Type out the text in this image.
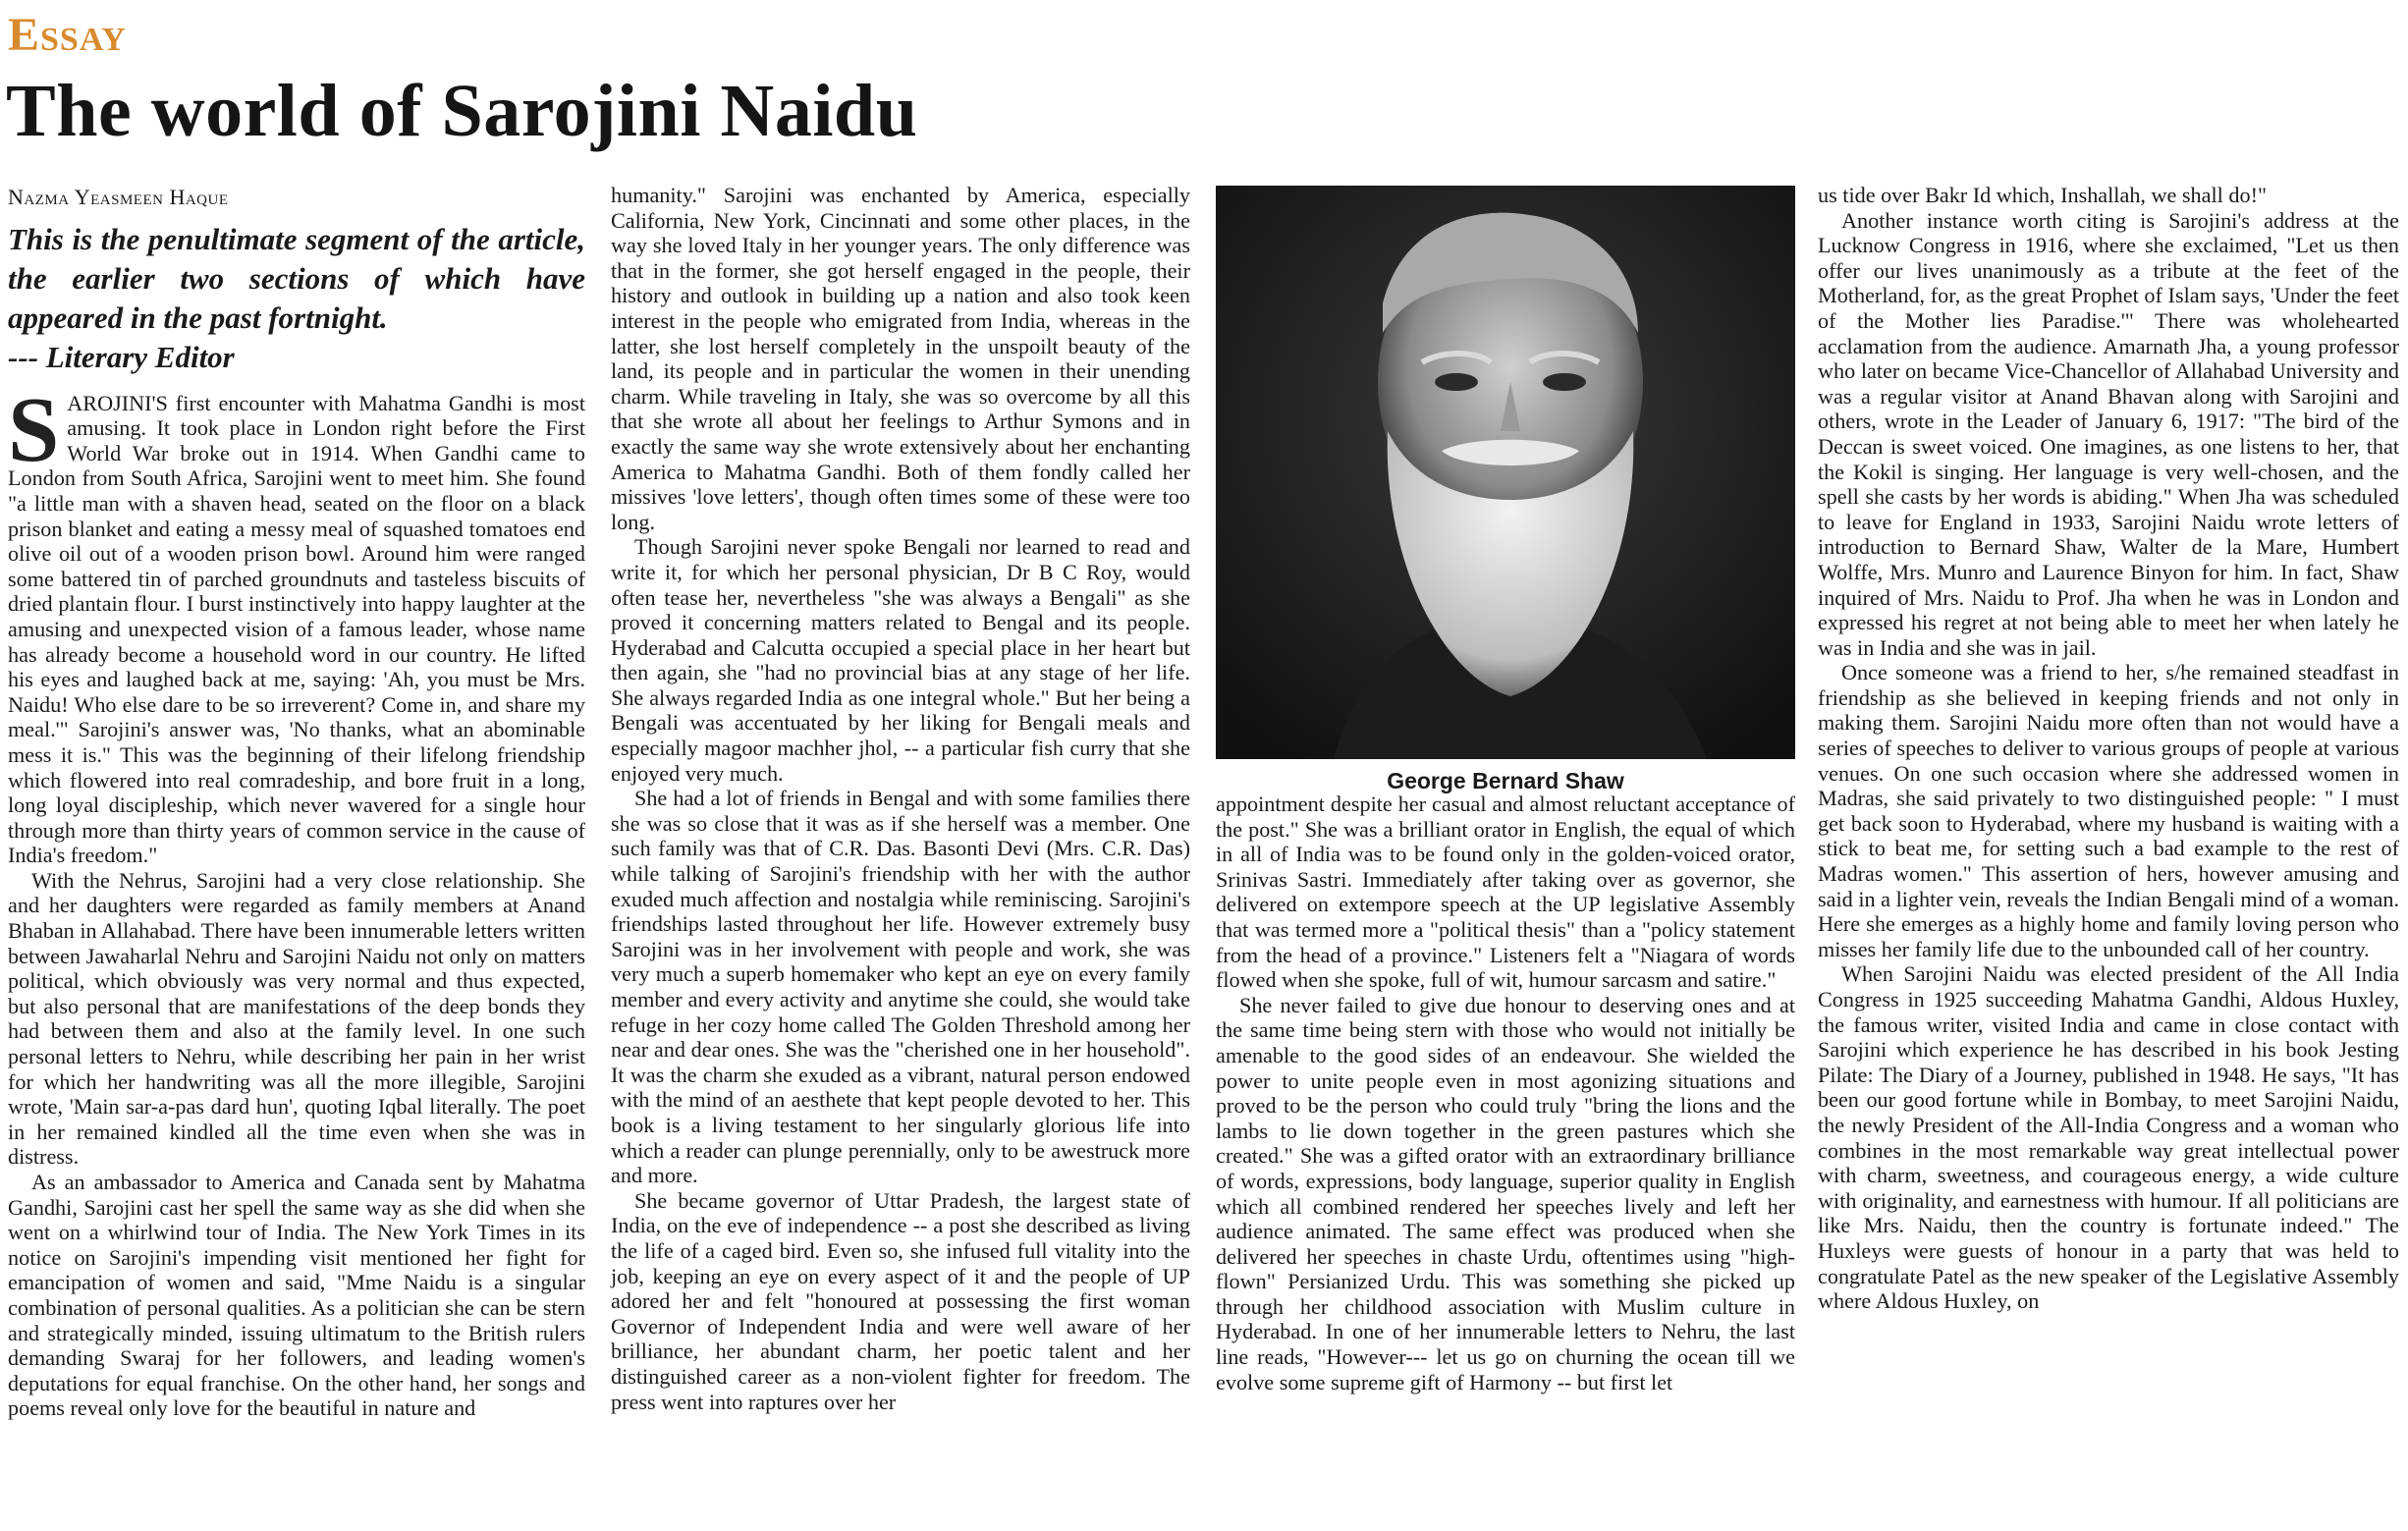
Essay
The world of Sarojini Naidu
Nazma Yeasmeen Haque
This is the penultimate segment of the article, the earlier two sections of which have appeared in the past fortnight.
--- Literary Editor

SAROJINI'S first encounter with Mahatma Gandhi is most amusing. It took place in London right before the First World War broke out in 1914. When Gandhi came to London from South Africa, Sarojini went to meet him. She found "a little man with a shaven head, seated on the floor on a black prison blanket and eating a messy meal of squashed tomatoes end olive oil out of a wooden prison bowl. Around him were ranged some battered tin of parched groundnuts and tasteless biscuits of dried plantain flour. I burst instinctively into happy laughter at the amusing and unexpected vision of a famous leader, whose name has already become a household word in our country. He lifted his eyes and laughed back at me, saying: 'Ah, you must be Mrs. Naidu! Who else dare to be so irreverent? Come in, and share my meal.'" Sarojini's answer was, 'No thanks, what an abominable mess it is." This was the beginning of their lifelong friendship which flowered into real comradeship, and bore fruit in a long, long loyal discipleship, which never wavered for a single hour through more than thirty years of common service in the cause of India's freedom."

With the Nehrus, Sarojini had a very close relationship. She and her daughters were regarded as family members at Anand Bhaban in Allahabad. There have been innumerable letters written between Jawaharlal Nehru and Sarojini Naidu not only on matters political, which obviously was very normal and thus expected, but also personal that are manifestations of the deep bonds they had between them and also at the family level. In one such personal letters to Nehru, while describing her pain in her wrist for which her handwriting was all the more illegible, Sarojini wrote, 'Main sar-a-pas dard hun', quoting Iqbal literally. The poet in her remained kindled all the time even when she was in distress.

As an ambassador to America and Canada sent by Mahatma Gandhi, Sarojini cast her spell the same way as she did when she went on a whirlwind tour of India. The New York Times in its notice on Sarojini's impending visit mentioned her fight for emancipation of women and said, "Mme Naidu is a singular combination of personal qualities. As a politician she can be stern and strategically minded, issuing ultimatum to the British rulers demanding Swaraj for her followers, and leading women's deputations for equal franchise. On the other hand, her songs and poems reveal only love for the beautiful in nature and

humanity." Sarojini was enchanted by America, especially California, New York, Cincinnati and some other places, in the way she loved Italy in her younger years. The only difference was that in the former, she got herself engaged in the people, their history and outlook in building up a nation and also took keen interest in the people who emigrated from India, whereas in the latter, she lost herself completely in the unspoilt beauty of the land, its people and in particular the women in their unending charm. While traveling in Italy, she was so overcome by all this that she wrote all about her feelings to Arthur Symons and in exactly the same way she wrote extensively about her enchanting America to Mahatma Gandhi. Both of them fondly called her missives 'love letters', though often times some of these were too long.

Though Sarojini never spoke Bengali nor learned to read and write it, for which her personal physician, Dr B C Roy, would often tease her, nevertheless "she was always a Bengali" as she proved it concerning matters related to Bengal and its people. Hyderabad and Calcutta occupied a special place in her heart but then again, she "had no provincial bias at any stage of her life. She always regarded India as one integral whole." But her being a Bengali was accentuated by her liking for Bengali meals and especially magoor machher jhol, -- a particular fish curry that she enjoyed very much.

She had a lot of friends in Bengal and with some families there she was so close that it was as if she herself was a member. One such family was that of C.R. Das. Basonti Devi (Mrs. C.R. Das) while talking of Sarojini's friendship with her with the author exuded much affection and nostalgia while reminiscing. Sarojini's friendships lasted throughout her life. However extremely busy Sarojini was in her involvement with people and work, she was very much a superb homemaker who kept an eye on every family member and every activity and anytime she could, she would take refuge in her cozy home called The Golden Threshold among her near and dear ones. She was the "cherished one in her household". It was the charm she exuded as a vibrant, natural person endowed with the mind of an aesthete that kept people devoted to her. This book is a living testament to her singularly glorious life into which a reader can plunge perennially, only to be awestruck more and more.

She became governor of Uttar Pradesh, the largest state of India, on the eve of independence -- a post she described as living the life of a caged bird. Even so, she infused full vitality into the job, keeping an eye on every aspect of it and the people of UP adored her and felt "honoured at possessing the first woman Governor of Independent India and were well aware of her brilliance, her abundant charm, her poetic talent and her distinguished career as a non-violent fighter for freedom. The press went into raptures over her

George Bernard Shaw

appointment despite her casual and almost reluctant acceptance of the post." She was a brilliant orator in English, the equal of which in all of India was to be found only in the golden-voiced orator, Srinivas Sastri. Immediately after taking over as governor, she delivered on extempore speech at the UP legislative Assembly that was termed more a "political thesis" than a "policy statement from the head of a province." Listeners felt a "Niagara of words flowed when she spoke, full of wit, humour sarcasm and satire."

She never failed to give due honour to deserving ones and at the same time being stern with those who would not initially be amenable to the good sides of an endeavour. She wielded the power to unite people even in most agonizing situations and proved to be the person who could truly "bring the lions and the lambs to lie down together in the green pastures which she created." She was a gifted orator with an extraordinary brilliance of words, expressions, body language, superior quality in English which all combined rendered her speeches lively and left her audience animated. The same effect was produced when she delivered her speeches in chaste Urdu, oftentimes using "high-flown" Persianized Urdu. This was something she picked up through her childhood association with Muslim culture in Hyderabad. In one of her innumerable letters to Nehru, the last line reads, "However--- let us go on churning the ocean till we evolve some supreme gift of Harmony -- but first let

us tide over Bakr Id which, Inshallah, we shall do!"

Another instance worth citing is Sarojini's address at the Lucknow Congress in 1916, where she exclaimed, "Let us then offer our lives unanimously as a tribute at the feet of the Motherland, for, as the great Prophet of Islam says, 'Under the feet of the Mother lies Paradise.'" There was wholehearted acclamation from the audience. Amarnath Jha, a young professor who later on became Vice-Chancellor of Allahabad University and was a regular visitor at Anand Bhavan along with Sarojini and others, wrote in the Leader of January 6, 1917: "The bird of the Deccan is sweet voiced. One imagines, as one listens to her, that the Kokil is singing. Her language is very well-chosen, and the spell she casts by her words is abiding." When Jha was scheduled to leave for England in 1933, Sarojini Naidu wrote letters of introduction to Bernard Shaw, Walter de la Mare, Humbert Wolffe, Mrs. Munro and Laurence Binyon for him. In fact, Shaw inquired of Mrs. Naidu to Prof. Jha when he was in London and expressed his regret at not being able to meet her when lately he was in India and she was in jail.

Once someone was a friend to her, s/he remained steadfast in friendship as she believed in keeping friends and not only in making them. Sarojini Naidu more often than not would have a series of speeches to deliver to various groups of people at various venues. On one such occasion where she addressed women in Madras, she said privately to two distinguished people: " I must get back soon to Hyderabad, where my husband is waiting with a stick to beat me, for setting such a bad example to the rest of Madras women." This assertion of hers, however amusing and said in a lighter vein, reveals the Indian Bengali mind of a woman. Here she emerges as a highly home and family loving person who misses her family life due to the unbounded call of her country.

When Sarojini Naidu was elected president of the All India Congress in 1925 succeeding Mahatma Gandhi, Aldous Huxley, the famous writer, visited India and came in close contact with Sarojini which experience he has described in his book Jesting Pilate: The Diary of a Journey, published in 1948. He says, "It has been our good fortune while in Bombay, to meet Sarojini Naidu, the newly President of the All-India Congress and a woman who combines in the most remarkable way great intellectual power with charm, sweetness, and courageous energy, a wide culture with originality, and earnestness with humour. If all politicians are like Mrs. Naidu, then the country is fortunate indeed." The Huxleys were guests of honour in a party that was held to congratulate Patel as the new speaker of the Legislative Assembly where Aldous Huxley, on
